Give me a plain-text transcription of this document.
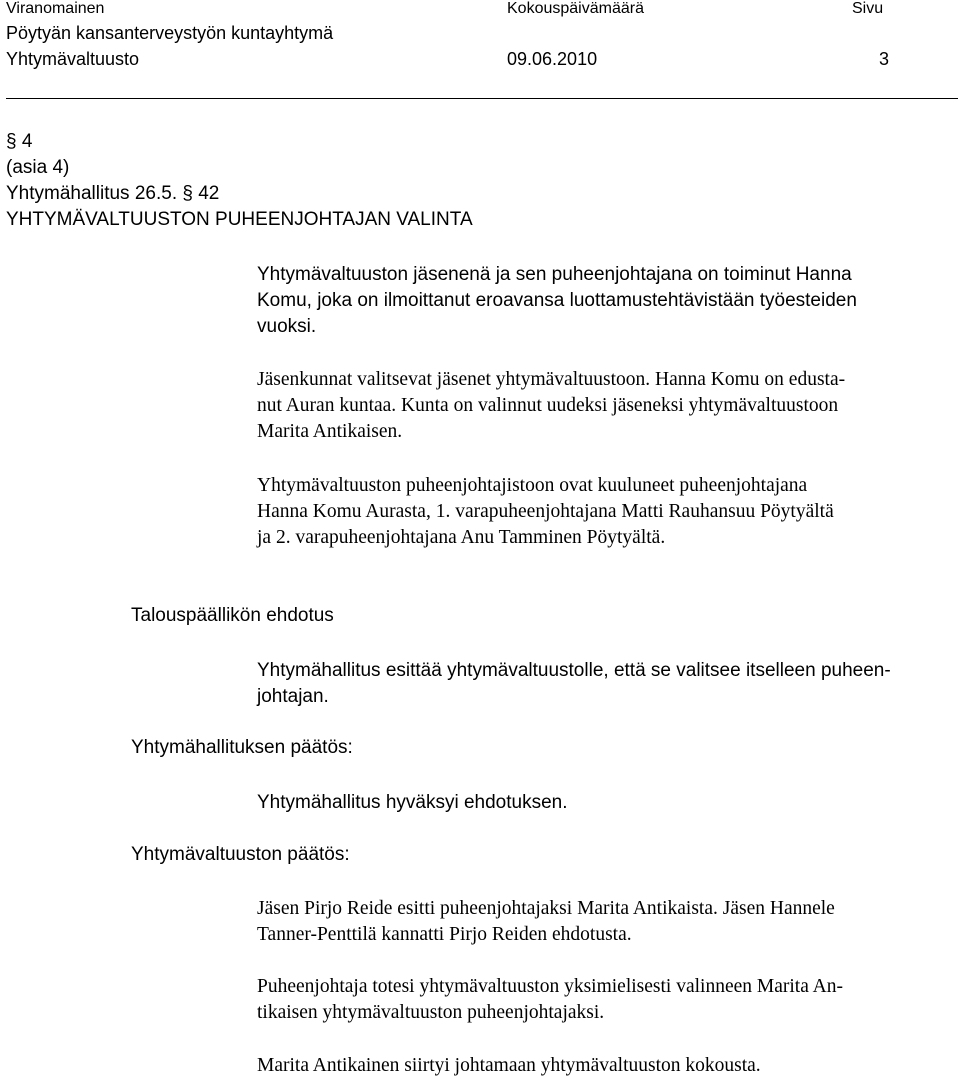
Viranomainen
Pöytyän kansanterveystyön kuntayhtymä
Yhtymävaltuusto
Kokouspäivämäärä
09.06.2010
Sivu
3
§ 4
(asia 4)
Yhtymähallitus 26.5. § 42
YHTYMÄVALTUUSTON PUHEENJOHTAJAN VALINTA
Yhtymävaltuuston jäsenenä ja sen puheenjohtajana on toiminut Hanna
Komu, joka on ilmoittanut eroavansa luottamustehtävistään työesteiden
vuoksi.
Jäsenkunnat valitsevat jäsenet yhtymävaltuustoon. Hanna Komu on edusta-
nut Auran kuntaa. Kunta on valinnut uudeksi jäseneksi yhtymävaltuustoon
Marita Antikaisen.
Yhtymävaltuuston puheenjohtajistoon ovat kuuluneet puheenjohtajana
Hanna Komu Aurasta, 1. varapuheenjohtajana Matti Rauhansuu Pöytyältä
ja 2. varapuheenjohtajana Anu Tamminen Pöytyältä.
Talouspäällikön ehdotus
Yhtymähallitus esittää yhtymävaltuustolle, että se valitsee itselleen puheen-
johtajan.
Yhtymähallituksen päätös:
Yhtymähallitus hyväksyi ehdotuksen.
Yhtymävaltuuston päätös:
Jäsen Pirjo Reide esitti puheenjohtajaksi Marita Antikaista. Jäsen Hannele
Tanner-Penttilä kannatti Pirjo Reiden ehdotusta.
Puheenjohtaja totesi yhtymävaltuuston yksimielisesti valinneen Marita An-
tikaisen yhtymävaltuuston puheenjohtajaksi.
Marita Antikainen siirtyi johtamaan yhtymävaltuuston kokousta.
